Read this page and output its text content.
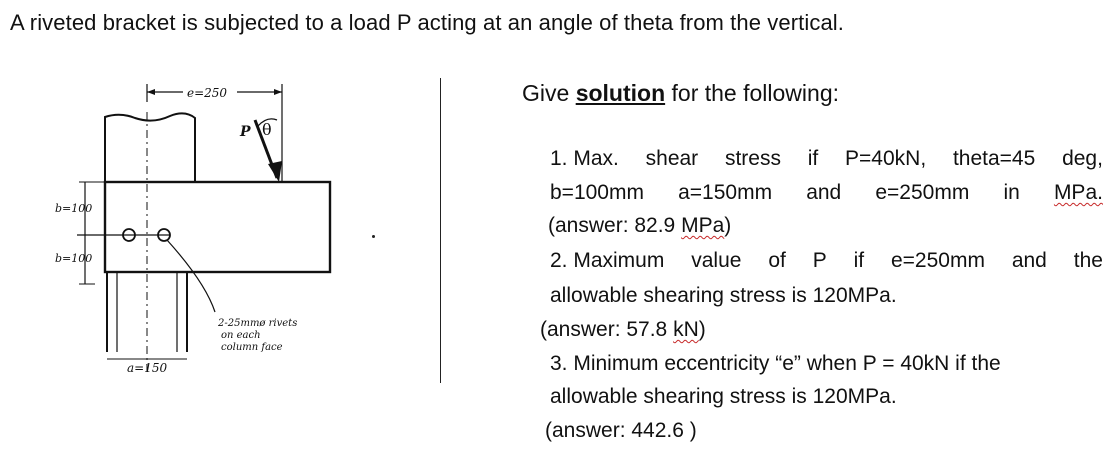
A riveted bracket is subjected to a load P acting at an angle of theta from the vertical.
e=250
P θ
b=100
b=100
a=150
2-25mmø rivets
on each
column face
Give solution for the following:
1. Max. shear stress if P=40kN, theta=45 deg,
b=100mm a=150mm and e=250mm in MPa.
(answer: 82.9 MPa)
2. Maximum value of P if e=250mm and the
allowable shearing stress is 120MPa.
(answer: 57.8 kN)
3. Minimum eccentricity “e” when P = 40kN if the
allowable shearing stress is 120MPa.
(answer: 442.6 )
